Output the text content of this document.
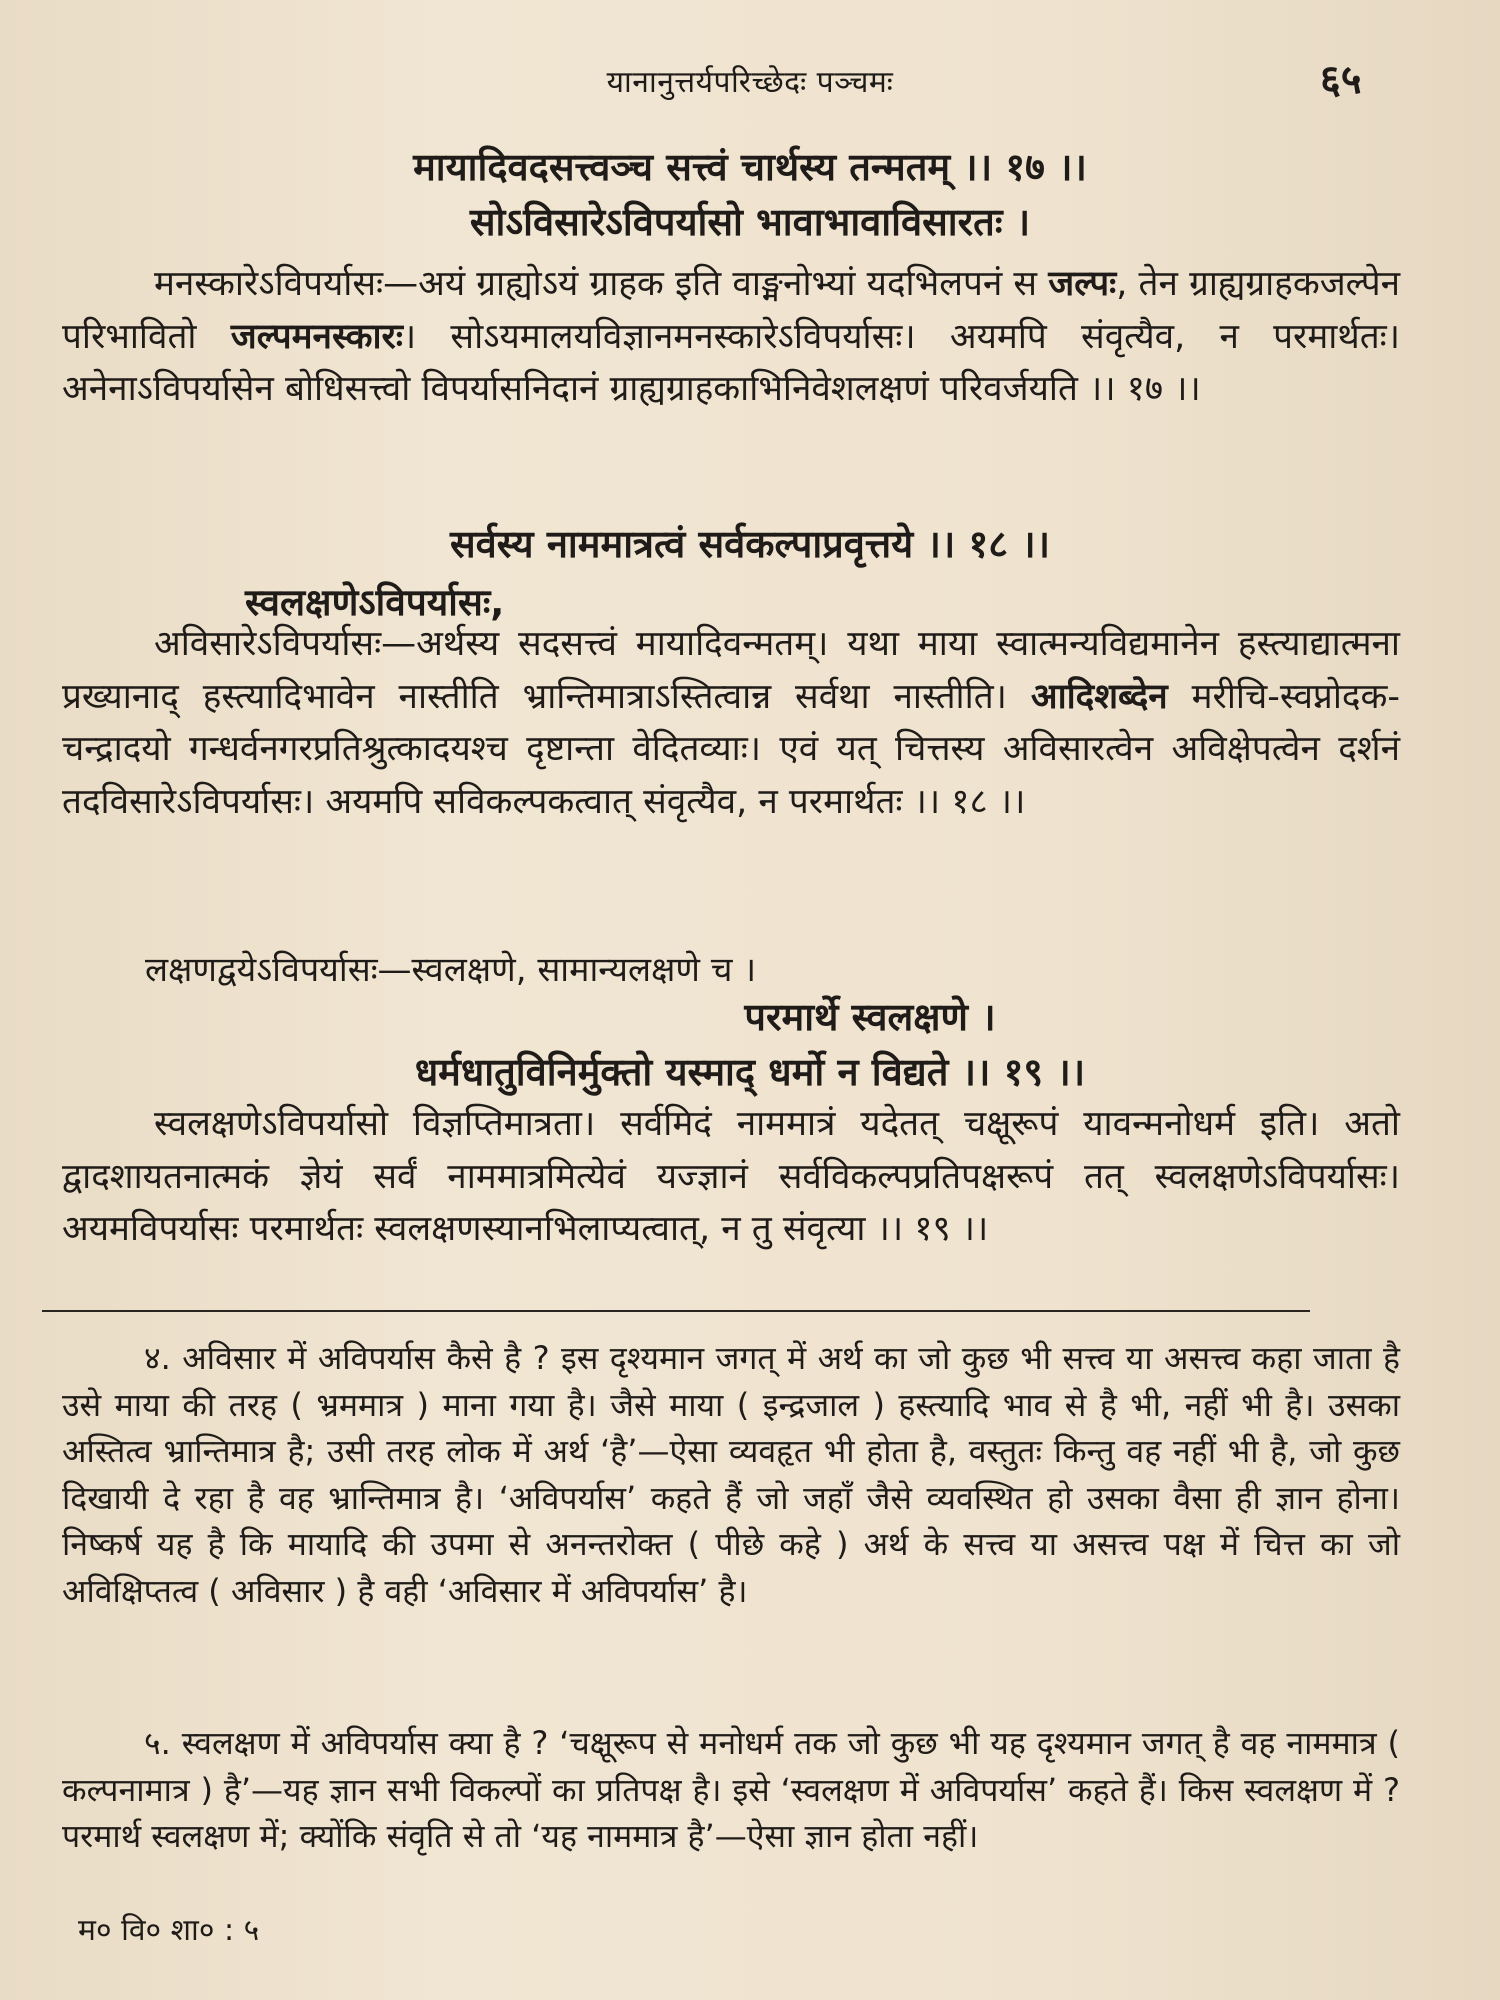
यानानुत्तर्यपरिच्छेदः पञ्चमः	६५
मायादिवदसत्त्वञ्च सत्त्वं चार्थस्य तन्मतम् ।। १७ ।।
सोऽविसारेऽविपर्यासो भावाभावाविसारतः ।
मनस्कारेऽविपर्यासः—अयं ग्राह्योऽयं ग्राहक इति वाङ्मनोभ्यां यदभिलपनं स जल्पः, तेन ग्राह्यग्राहकजल्पेन परिभावितो जल्पमनस्कारः। सोऽयमालयविज्ञानमनस्कारेऽविपर्यासः। अयमपि संवृत्यैव, न परमार्थतः। अनेनाऽविपर्यासेन बोधिसत्त्वो विपर्यासनिदानं ग्राह्यग्राहकाभिनिवेशलक्षणं परिवर्जयति ।। १७ ।।
सर्वस्य नाममात्रत्वं सर्वकल्पाप्रवृत्तये ।। १८ ।।
स्वलक्षणेऽविपर्यासः,
अविसारेऽविपर्यासः—अर्थस्य सदसत्त्वं मायादिवन्मतम्। यथा माया स्वात्मन्यविद्यमानेन हस्त्याद्यात्मना प्रख्यानाद् हस्त्यादिभावेन नास्तीति भ्रान्तिमात्राऽस्तित्वान्न सर्वथा नास्तीति। आदिशब्देन मरीचि-स्वप्नोदक-चन्द्रादयो गन्धर्वनगरप्रतिश्रुत्कादयश्च दृष्टान्ता वेदितव्याः। एवं यत् चित्तस्य अविसारत्वेन अविक्षेपत्वेन दर्शनं तदविसारेऽविपर्यासः। अयमपि सविकल्पकत्वात् संवृत्यैव, न परमार्थतः ।। १८ ।।
लक्षणद्वयेऽविपर्यासः—स्वलक्षणे, सामान्यलक्षणे च ।
परमार्थे स्वलक्षणे ।
धर्मधातुविनिर्मुक्तो यस्माद् धर्मो न विद्यते ।। १९ ।।
स्वलक्षणेऽविपर्यासो विज्ञप्तिमात्रता। सर्वमिदं नाममात्रं यदेतत् चक्षूरूपं यावन्मनोधर्म इति। अतो द्वादशायतनात्मकं ज्ञेयं सर्वं नाममात्रमित्येवं यज्ज्ञानं सर्वविकल्पप्रतिपक्षरूपं तत् स्वलक्षणेऽविपर्यासः। अयमविपर्यासः परमार्थतः स्वलक्षणस्यानभिलाप्यत्वात्, न तु संवृत्या ।। १९ ।।
४. अविसार में अविपर्यास कैसे है ? इस दृश्यमान जगत् में अर्थ का जो कुछ भी सत्त्व या असत्त्व कहा जाता है उसे माया की तरह ( भ्रममात्र ) माना गया है। जैसे माया ( इन्द्रजाल ) हस्त्यादि भाव से है भी, नहीं भी है। उसका अस्तित्व भ्रान्तिमात्र है; उसी तरह लोक में अर्थ ‘है’—ऐसा व्यवहृत भी होता है, वस्तुतः किन्तु वह नहीं भी है, जो कुछ दिखायी दे रहा है वह भ्रान्तिमात्र है। ‘अविपर्यास’ कहते हैं जो जहाँ जैसे व्यवस्थित हो उसका वैसा ही ज्ञान होना। निष्कर्ष यह है कि मायादि की उपमा से अनन्तरोक्त ( पीछे कहे ) अर्थ के सत्त्व या असत्त्व पक्ष में चित्त का जो अविक्षिप्तत्व ( अविसार ) है वही ‘अविसार में अविपर्यास’ है।
५. स्वलक्षण में अविपर्यास क्या है ? ‘चक्षूरूप से मनोधर्म तक जो कुछ भी यह दृश्यमान जगत् है वह नाममात्र ( कल्पनामात्र ) है’—यह ज्ञान सभी विकल्पों का प्रतिपक्ष है। इसे ‘स्वलक्षण में अविपर्यास’ कहते हैं। किस स्वलक्षण में ? परमार्थ स्वलक्षण में; क्योंकि संवृति से तो ‘यह नाममात्र है’—ऐसा ज्ञान होता नहीं।
म० वि० शा० : ५
